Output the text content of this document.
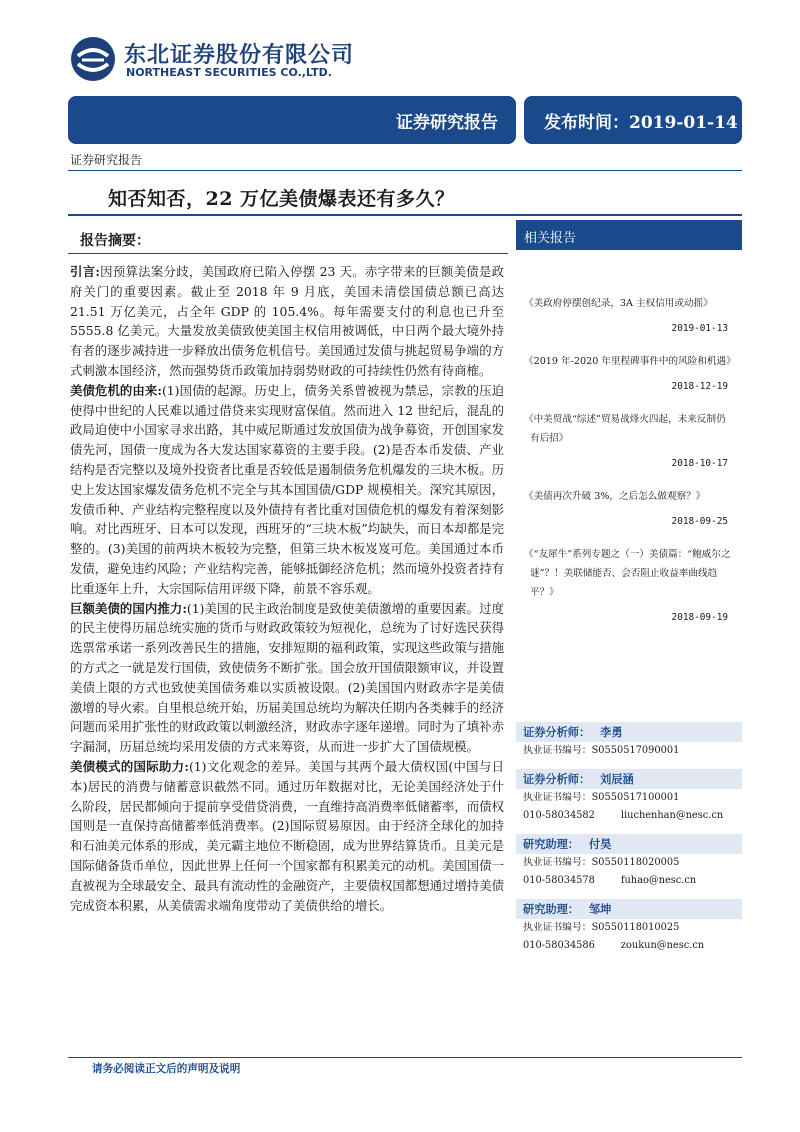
东北证券股份有限公司
NORTHEAST SECURITIES CO.,LTD.
证券研究报告	发布时间：2019-01-14
证券研究报告
知否知否，22 万亿美债爆表还有多久？
报告摘要：

引言:因预算法案分歧，美国政府已陷入停摆 23 天。赤字带来的巨额美债是政府关门的重要因素。截止至 2018 年 9 月底，美国未清偿国债总额已高达 21.51 万亿美元，占全年 GDP 的 105.4%。每年需要支付的利息也已升至 5555.8 亿美元。大量发放美债致使美国主权信用被调低，中日两个最大境外持有者的逐步减持进一步释放出债务危机信号。美国通过发债与挑起贸易争端的方式刺激本国经济，然而强势货币政策加持弱势财政的可持续性仍然有待商榷。

美债危机的由来:(1)国债的起源。历史上，债务关系曾被视为禁忌，宗教的压迫使得中世纪的人民难以通过借贷来实现财富保值。然而进入 12 世纪后，混乱的政局迫使中小国家寻求出路，其中威尼斯通过发放国债为战争募资，开创国家发债先河，国债一度成为各大发达国家募资的主要手段。(2)是否本币发债、产业结构是否完整以及境外投资者比重是否较低是遏制债务危机爆发的三块木板。历史上发达国家爆发债务危机不完全与其本国国债/GDP 规模相关。深究其原因，发债币种、产业结构完整程度以及外债持有者比重对国债危机的爆发有着深刻影响。对比西班牙、日本可以发现，西班牙的“三块木板”均缺失，而日本却都是完整的。(3)美国的前两块木板较为完整，但第三块木板岌岌可危。美国通过本币发债，避免违约风险；产业结构完善，能够抵御经济危机；然而境外投资者持有比重逐年上升，大宗国际信用评级下降，前景不容乐观。

巨额美债的国内推力:(1)美国的民主政治制度是致使美债激增的重要因素。过度的民主使得历届总统实施的货币与财政政策较为短视化，总统为了讨好选民获得选票常承诺一系列改善民生的措施，安排短期的福利政策，实现这些政策与措施的方式之一就是发行国债，致使债务不断扩张。国会放开国债限额审议，并设置美债上限的方式也致使美国债务难以实质被设限。(2)美国国内财政赤字是美债激增的导火索。自里根总统开始，历届美国总统均为解决任期内各类棘手的经济问题而采用扩张性的财政政策以刺激经济，财政赤字逐年递增。同时为了填补赤字漏洞，历届总统均采用发债的方式来筹资，从而进一步扩大了国债规模。

美债模式的国际助力:(1)文化观念的差异。美国与其两个最大债权国(中国与日本)居民的消费与储蓄意识截然不同。通过历年数据对比，无论美国经济处于什么阶段，居民都倾向于提前享受借贷消费，一直维持高消费率低储蓄率，而债权国则是一直保持高储蓄率低消费率。(2)国际贸易原因。由于经济全球化的加持和石油美元体系的形成，美元霸主地位不断稳固，成为世界结算货币。且美元是国际储备货币单位，因此世界上任何一个国家都有积累美元的动机。美国国债一直被视为全球最安全、最具有流动性的金融资产，主要债权国都想通过增持美债完成资本积累，从美债需求端角度带动了美债供给的增长。

相关报告
《美政府停摆创纪录，3A 主权信用或动摇》
2019-01-13
《2019 年-2020 年里程碑事件中的风险和机遇》
2018-12-19
《中美贸战“综述”贸易战烽火四起，未来反制仍有后招》
2018-10-17
《美债再次升破 3%，之后怎么做观察？》
2018-09-25
《“友犀牛”系列专题之（一）美债篇：“鲍威尔之谜”？！美联储能否、会否阻止收益率曲线趋平？》
2018-09-19
证券分析师： 李勇
执业证书编号：S0550517090001
证券分析师： 刘辰涵
执业证书编号：S0550517100001
010-58034582	liuchenhan@nesc.cn
研究助理： 付昊
执业证书编号：S0550118020005
010-58034578	fuhao@nesc.cn
研究助理： 邹坤
执业证书编号：S0550118010025
010-58034586	zoukun@nesc.cn
请务必阅读正文后的声明及说明
